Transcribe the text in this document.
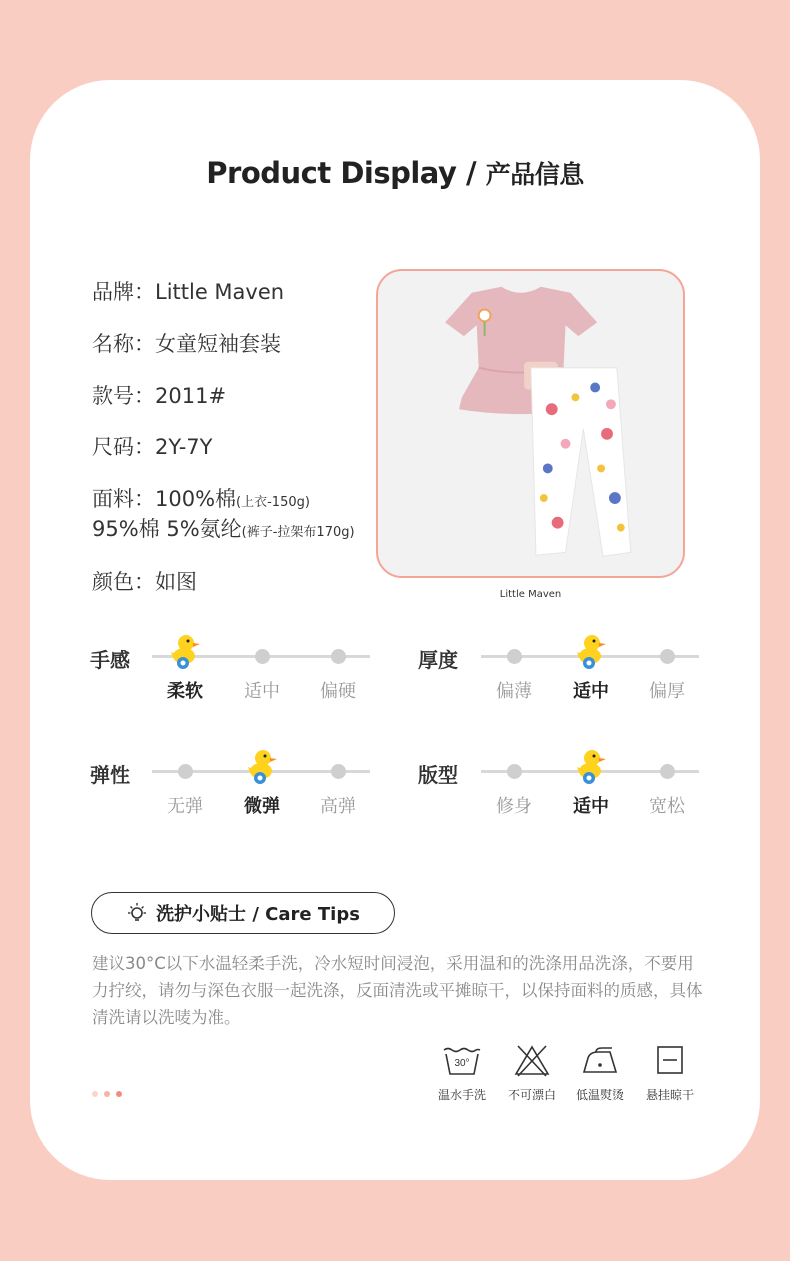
Product Display / 产品信息
品牌：Little Maven
名称：女童短袖套装
款号：2011#
尺码：2Y-7Y
面料：100%棉(上衣-150g)
95%棉 5%氨纶(裤子-拉架布170g)
颜色：如图
Little Maven
手感
柔软	适中	偏硬
厚度
偏薄	适中	偏厚
弹性
无弹	微弹	高弹
版型
修身	适中	宽松
洗护小贴士 / Care Tips

建议30°C以下水温轻柔手洗，冷水短时间浸泡，采用温和的洗涤用品洗涤，不要用力拧绞，请勿与深色衣服一起洗涤，反面清洗或平摊晾干，以保持面料的质感，具体清洗请以洗唛为准。

30°
温水手洗	不可漂白	低温熨烫	悬挂晾干
